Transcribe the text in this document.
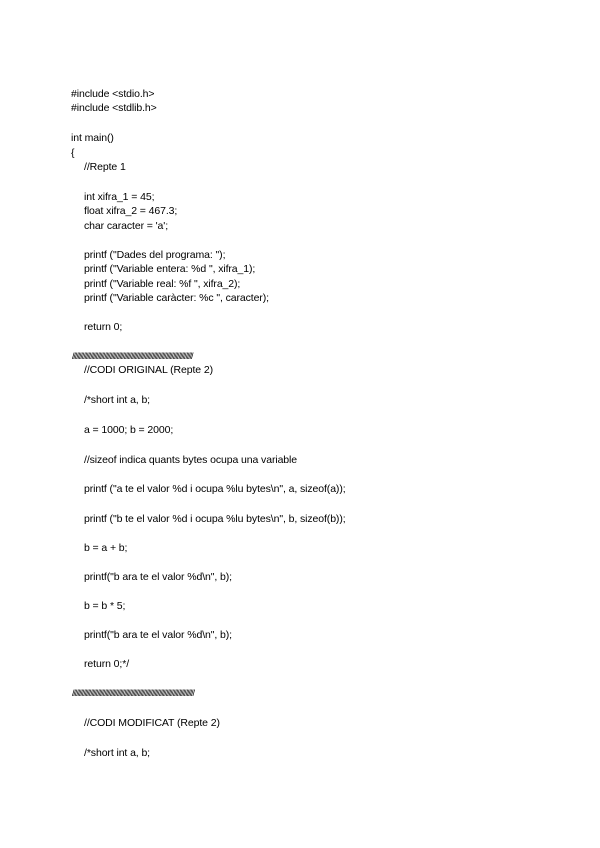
#include <stdio.h>
#include <stdlib.h>
int main()
{
//Repte 1
int xifra_1 = 45;
float xifra_2 = 467.3;
char caracter = 'a';
printf ("Dades del programa: ");
printf ("Variable entera: %d ", xifra_1);
printf ("Variable real: %f ", xifra_2);
printf ("Variable caràcter: %c ", caracter);
return 0;
//////////////////////////////////////////////////////////////////////////////////////
//CODI ORIGINAL (Repte 2)
/*short int a, b;
a = 1000; b = 2000;
//sizeof indica quants bytes ocupa una variable
printf ("a te el valor %d i ocupa %lu bytes\n", a, sizeof(a));
printf ("b te el valor %d i ocupa %lu bytes\n", b, sizeof(b));
b = a + b;
printf("b ara te el valor %d\n", b);
b = b * 5;
printf("b ara te el valor %d\n", b);
return 0;*/
///////////////////////////////////////////////////////////////////////////////////////
//CODI MODIFICAT (Repte 2)
/*short int a, b;
